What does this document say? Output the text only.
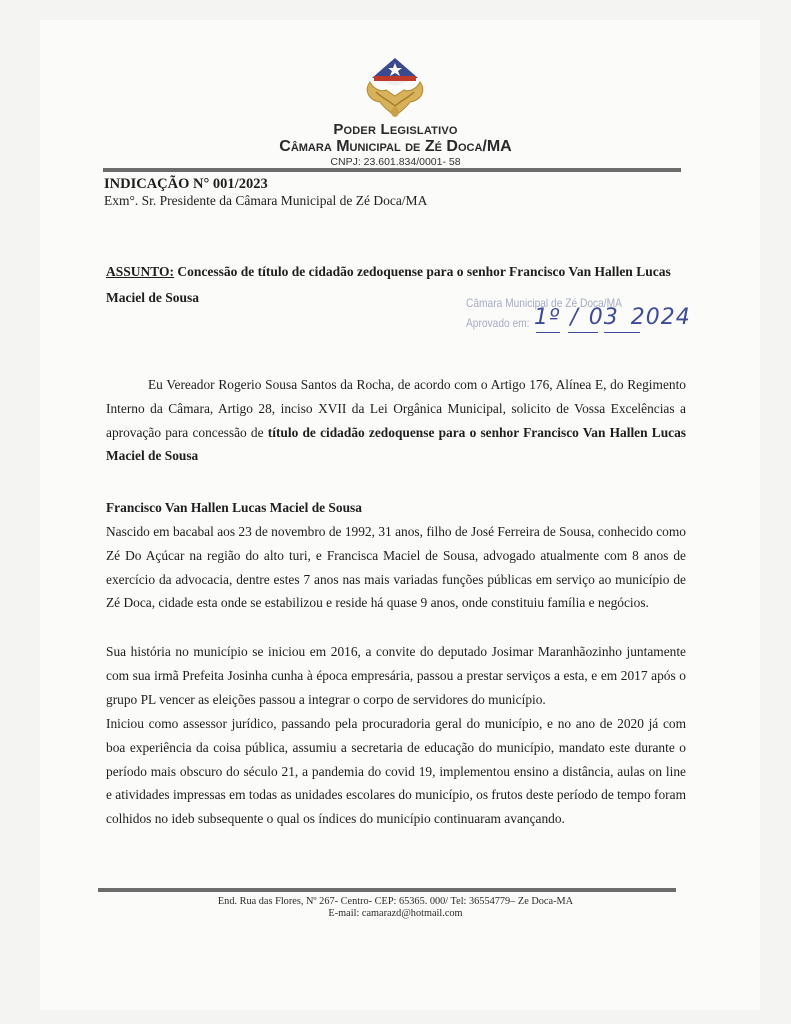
Poder Legislativo
Câmara Municipal de Zé Doca/MA
CNPJ: 23.601.834/0001- 58
INDICAÇÃO N° 001/2023
Exm°. Sr. Presidente da Câmara Municipal de Zé Doca/MA
ASSUNTO: Concessão de título de cidadão zedoquense para o senhor Francisco Van Hallen Lucas Maciel de Sousa	Câmara Municipal de Zé Doca/MA
Aprovado em: 1º / 03 2024
Eu Vereador Rogerio Sousa Santos da Rocha, de acordo com o Artigo 176, Alínea E, do Regimento Interno da Câmara, Artigo 28, inciso XVII da Lei Orgânica Municipal, solicito de Vossa Excelências a aprovação para concessão de título de cidadão zedoquense para o senhor Francisco Van Hallen Lucas Maciel de Sousa
Francisco Van Hallen Lucas Maciel de Sousa
Nascido em bacabal aos 23 de novembro de 1992, 31 anos, filho de José Ferreira de Sousa, conhecido como Zé Do Açúcar na região do alto turi, e Francisca Maciel de Sousa, advogado atualmente com 8 anos de exercício da advocacia, dentre estes 7 anos nas mais variadas funções públicas em serviço ao município de Zé Doca, cidade esta onde se estabilizou e reside há quase 9 anos, onde constituiu família e negócios.
Sua história no município se iniciou em 2016, a convite do deputado Josimar Maranhãozinho juntamente com sua irmã Prefeita Josinha cunha à época empresária, passou a prestar serviços a esta, e em 2017 após o grupo PL vencer as eleições passou a integrar o corpo de servidores do município.
Iniciou como assessor jurídico, passando pela procuradoria geral do município, e no ano de 2020 já com boa experiência da coisa pública, assumiu a secretaria de educação do município, mandato este durante o período mais obscuro do século 21, a pandemia do covid 19, implementou ensino a distância, aulas on line e atividades impressas em todas as unidades escolares do município, os frutos deste período de tempo foram colhidos no ideb subsequente o qual os índices do município continuaram avançando.
End. Rua das Flores, Nº 267- Centro- CEP: 65365. 000/ Tel: 36554779– Ze Doca-MA
E-mail: camarazd@hotmail.com
